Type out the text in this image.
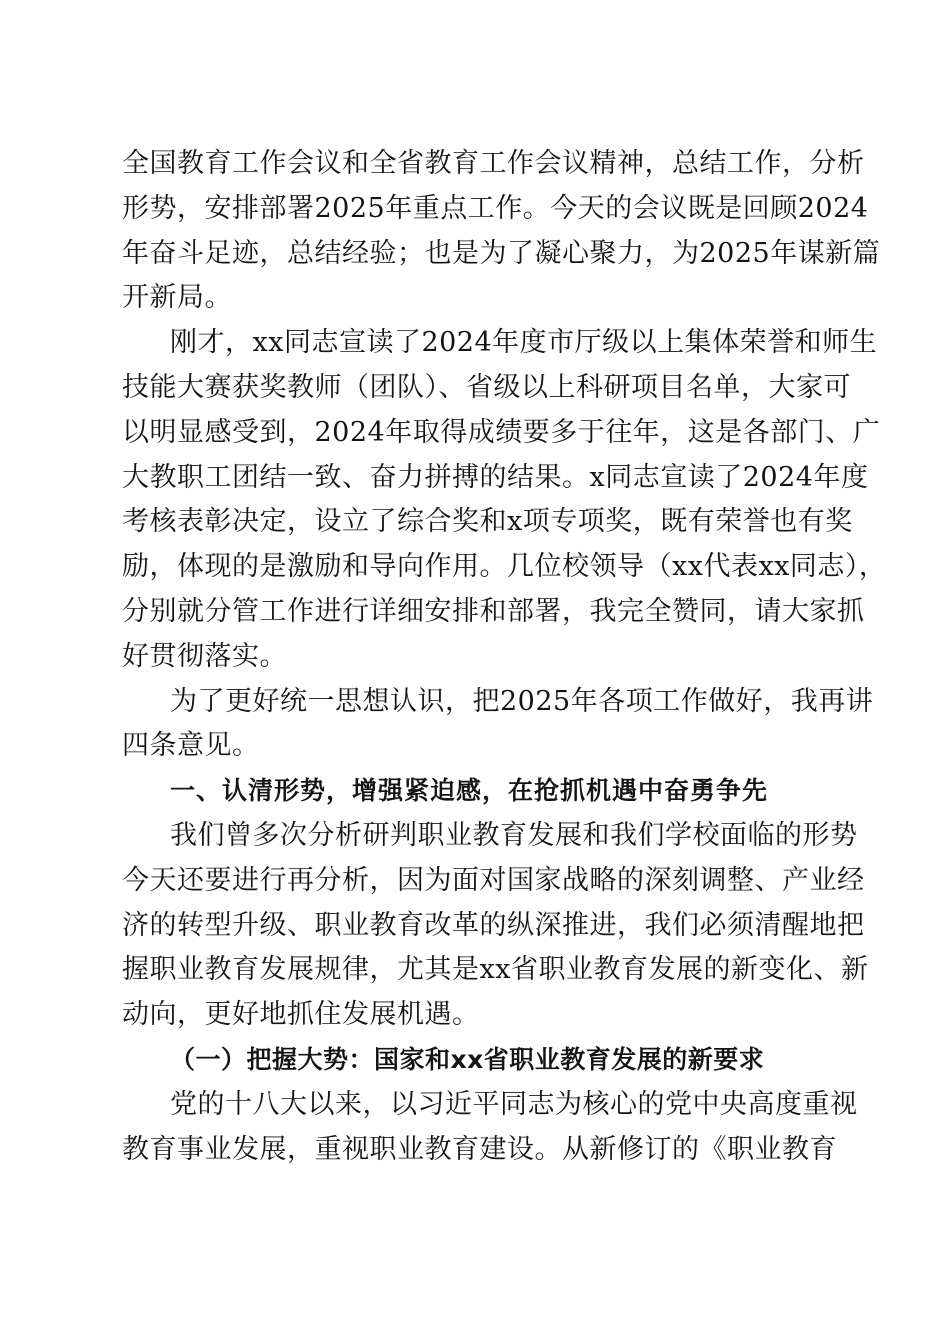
全国教育工作会议和全省教育工作会议精神，总结工作，分析
形势，安排部署2025年重点工作。今天的会议既是回顾2024
年奋斗足迹，总结经验；也是为了凝心聚力，为2025年谋新篇
开新局。
刚才，xx同志宣读了2024年度市厅级以上集体荣誉和师生
技能大赛获奖教师（团队）、省级以上科研项目名单，大家可
以明显感受到，2024年取得成绩要多于往年，这是各部门、广
大教职工团结一致、奋力拼搏的结果。x同志宣读了2024年度
考核表彰决定，设立了综合奖和x项专项奖，既有荣誉也有奖
励，体现的是激励和导向作用。几位校领导（xx代表xx同志），
分别就分管工作进行详细安排和部署，我完全赞同，请大家抓
好贯彻落实。
为了更好统一思想认识，把2025年各项工作做好，我再讲
四条意见。
一、认清形势，增强紧迫感，在抢抓机遇中奋勇争先
我们曾多次分析研判职业教育发展和我们学校面临的形势
今天还要进行再分析，因为面对国家战略的深刻调整、产业经
济的转型升级、职业教育改革的纵深推进，我们必须清醒地把
握职业教育发展规律，尤其是xx省职业教育发展的新变化、新
动向，更好地抓住发展机遇。
（一）把握大势：国家和xx省职业教育发展的新要求
党的十八大以来，以习近平同志为核心的党中央高度重视
教育事业发展，重视职业教育建设。从新修订的《职业教育
